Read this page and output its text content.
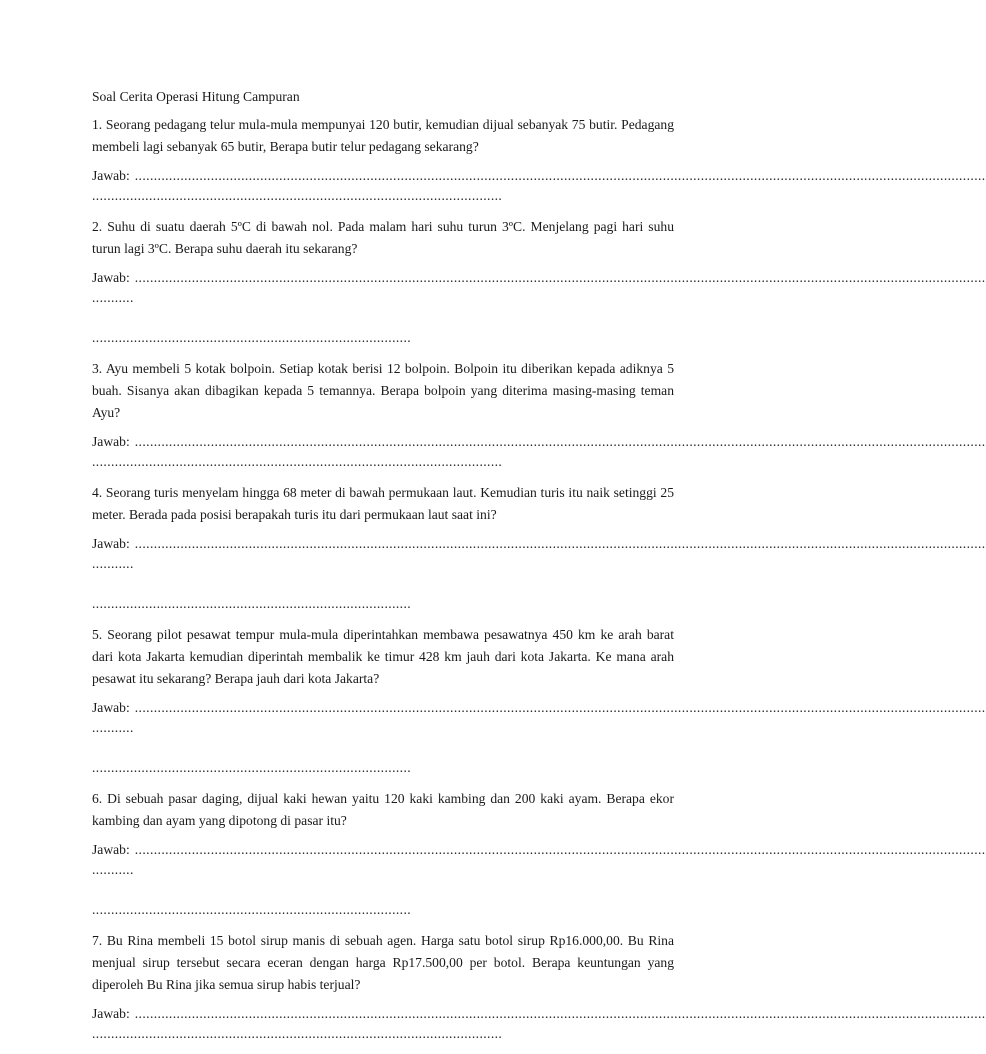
Soal Cerita Operasi Hitung Campuran

1. Seorang pedagang telur mula-mula mempunyai 120 butir, kemudian dijual sebanyak 75 butir. Pedagang membeli lagi sebanyak 65 butir, Berapa butir telur pedagang sekarang?

Jawab: ................................................................................................................................................................................................................................
............................................................................................................

2. Suhu di suatu daerah 5ºC di bawah nol. Pada malam hari suhu turun 3ºC. Menjelang pagi hari suhu turun lagi 3ºC. Berapa suhu daerah itu sekarang?

Jawab: ................................................................................................................................................................................................................................
...........

....................................................................................

3. Ayu membeli 5 kotak bolpoin. Setiap kotak berisi 12 bolpoin. Bolpoin itu diberikan kepada adiknya 5 buah. Sisanya akan dibagikan kepada 5 temannya. Berapa bolpoin yang diterima masing-masing teman Ayu?

Jawab: ................................................................................................................................................................................................................................
............................................................................................................

4. Seorang turis menyelam hingga 68 meter di bawah permukaan laut. Kemudian turis itu naik setinggi 25 meter. Berada pada posisi berapakah turis itu dari permukaan laut saat ini?

Jawab: ................................................................................................................................................................................................................................
...........

....................................................................................

5. Seorang pilot pesawat tempur mula-mula diperintahkan membawa pesawatnya 450 km ke arah barat dari kota Jakarta kemudian diperintah membalik ke timur 428 km jauh dari kota Jakarta. Ke mana arah pesawat itu sekarang? Berapa jauh dari kota Jakarta?

Jawab: ................................................................................................................................................................................................................................
...........

....................................................................................

6. Di sebuah pasar daging, dijual kaki hewan yaitu 120 kaki kambing dan 200 kaki ayam. Berapa ekor kambing dan ayam yang dipotong di pasar itu?

Jawab: ................................................................................................................................................................................................................................
...........

....................................................................................

7. Bu Rina membeli 15 botol sirup manis di sebuah agen. Harga satu botol sirup Rp16.000,00. Bu Rina menjual sirup tersebut secara eceran dengan harga Rp17.500,00 per botol. Berapa keuntungan yang diperoleh Bu Rina jika semua sirup habis terjual?

Jawab: ................................................................................................................................................................................................................................
............................................................................................................
